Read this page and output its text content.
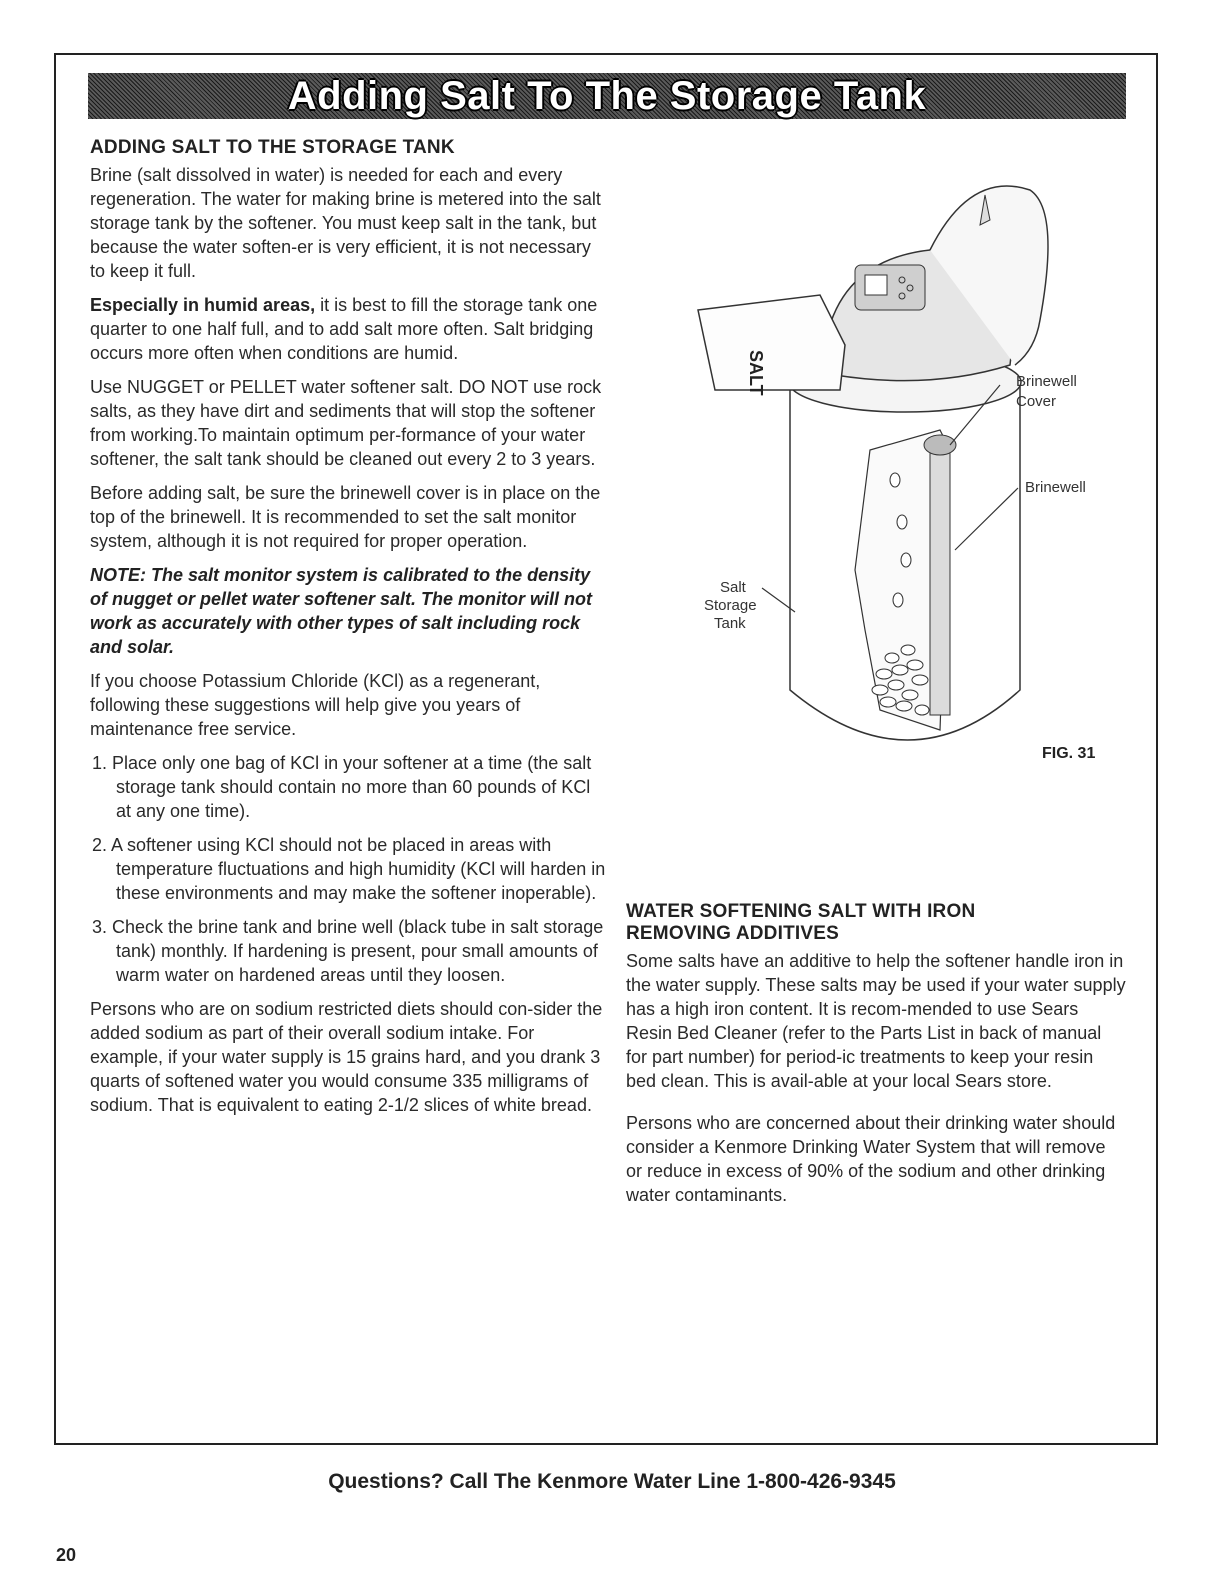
Adding Salt To The Storage Tank
ADDING SALT TO THE STORAGE TANK

Brine (salt dissolved in water) is needed for each and every regeneration. The water for making brine is metered into the salt storage tank by the softener. You must keep salt in the tank, but because the water soften-er is very efficient, it is not necessary to keep it full.

Especially in humid areas, it is best to fill the storage tank one quarter to one half full, and to add salt more often. Salt bridging occurs more often when conditions are humid.

Use NUGGET or PELLET water softener salt. DO NOT use rock salts, as they have dirt and sediments that will stop the softener from working.To maintain optimum per-formance of your water softener, the salt tank should be cleaned out every 2 to 3 years.

Before adding salt, be sure the brinewell cover is in place on the top of the brinewell. It is recommended to set the salt monitor system, although it is not required for proper operation.

NOTE: The salt monitor system is calibrated to the density of nugget or pellet water softener salt. The monitor will not work as accurately with other types of salt including rock and solar.

If you choose Potassium Chloride (KCl) as a regenerant, following these suggestions will help give you years of maintenance free service.

1. Place only one bag of KCl in your softener at a time (the salt storage tank should contain no more than 60 pounds of KCl at any one time).
2. A softener using KCl should not be placed in areas with temperature fluctuations and high humidity (KCl will harden in these environments and may make the softener inoperable).
3. Check the brine tank and brine well (black tube in salt storage tank) monthly. If hardening is present, pour small amounts of warm water on hardened areas until they loosen.

Persons who are on sodium restricted diets should con-sider the added sodium as part of their overall sodium intake. For example, if your water supply is 15 grains hard, and you drank 3 quarts of softened water you would consume 335 milligrams of sodium. That is equivalent to eating 2-1/2 slices of white bread.

SALT	Brinewell
Cover
Brinewell
Salt
Storage
Tank
FIG. 31
WATER SOFTENING SALT WITH IRON
REMOVING ADDITIVES

Some salts have an additive to help the softener handle iron in the water supply. These salts may be used if your water supply has a high iron content. It is recom-mended to use Sears Resin Bed Cleaner (refer to the Parts List in back of manual for part number) for period-ic treatments to keep your resin bed clean. This is avail-able at your local Sears store.

Persons who are concerned about their drinking water should consider a Kenmore Drinking Water System that will remove or reduce in excess of 90% of the sodium and other drinking water contaminants.

Questions? Call The Kenmore Water Line 1-800-426-9345
20
